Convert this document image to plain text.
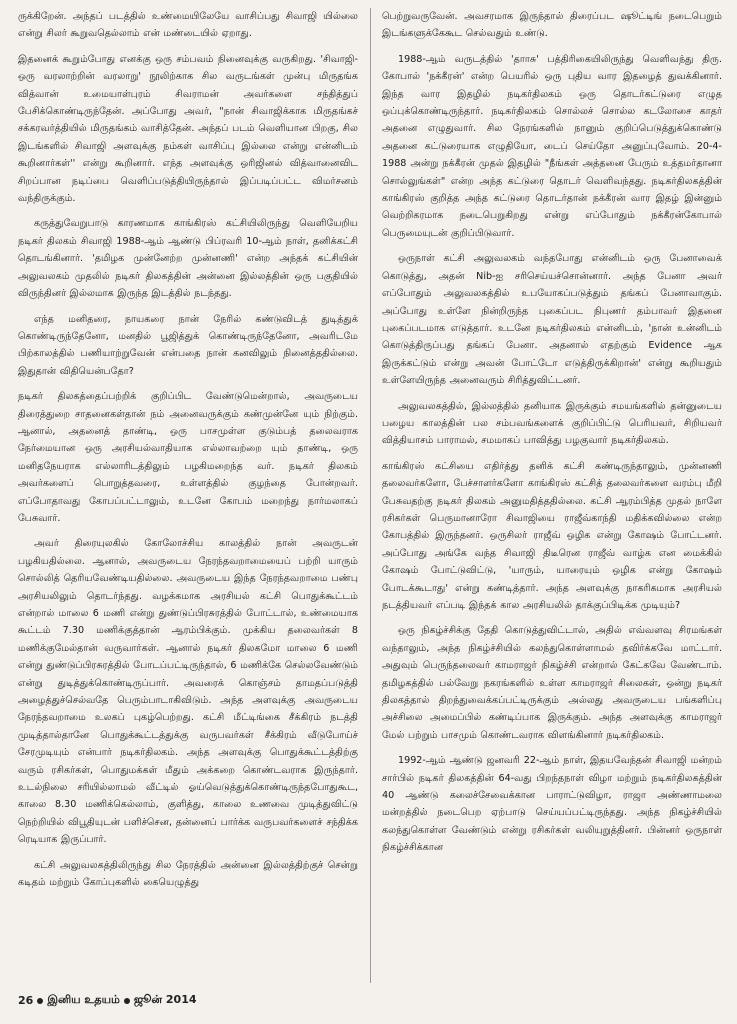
ருக்கிறேன். அந்தப் படத்தில் உண்மையிலேயே வாசிப்பது சிவாஜி யில்லை என்று சிலர் கூறுவதெல்லாம் என் மண்டையில் ஏறாது.

இதனைக் கூறும்போது எனக்கு ஒரு சம்பவம் நினைவுக்கு வருகிறது. 'சிவாஜி- ஒரு வரலாற்றின் வரலாறு' நூலிற்காக சில வருடங்கள் முன்பு மிருதங்க வித்வான் உமையாள்புரம் சிவராமன் அவர்களை சந்தித்துப் பேசிக்கொண்டிருந்தேன். அப்போது அவர், "நான் சிவாஜிக்காக மிருதங்கச் சக்கரவர்த்தியில் மிருதங்கம் வாசித்தேன். அந்தப் படம் வெளியான பிறகு, சில இடங்களில் சிவாஜி அளவுக்கு நம்கள் வாசிப்பு இல்லை என்று என்னிடம் கூறினார்கள்'' என்று கூறினார். எந்த அளவுக்கு ஒரிஜினல் வித்வானைவிட சிறப்பான நடிப்பை வெளிப்படுத்தியிருந்தால் இப்படிப்பட்ட விமர்சனம் வந்திருக்கும்.

கருத்துவேறுபாடு காரணமாக காங்கிரஸ் கட்சியிலிருந்து வெளியேறிய நடிகர் திலகம் சிவாஜி 1988-ஆம் ஆண்டு பிப்ரவரி 10-ஆம் நாள், தனிக்கட்சி தொடங்கினார். 'தமிழக முன்னேற்ற முன்னணி' என்ற அந்தக் கட்சியின் அலுவலகம் முதலில் நடிகர் திலகத்தின் அன்னை இல்லத்தின் ஒரு பகுதியில் விருந்தினர் இல்லமாக இருந்த இடத்தில் நடந்தது.

எந்த மனிதரை, நாயகரை நான் நேரில் கண்டுவிடத் துடித்துக் கொண்டிருந்தேனோ, மனதில் பூஜித்துக் கொண்டிருந்தேனோ, அவரிடமே பிற்காலத்தில் பணியாற்றுவேன் என்பதை நான் கனவிலும் நினைத்ததில்லை. இதுதான் விதியென்பதோ?

நடிகர் திலகத்தைப்பற்றிக் குறிப்பிட வேண்டுமென்றால், அவருடைய திரைத்துறை சாதனைகள்தான் நம் அனைவருக்கும் கண்முன்னே யும் நிற்கும். ஆனால், அதனைத் தாண்டி, ஒரு பாசமுள்ள குடும்பத் தலைவராக நேர்மையான ஒரு அரசியல்வாதியாக எல்லாவற்றை யும் தாண்டி, ஒரு மனிதநேயராக எல்லாரிடத்திலும் பழகிமறைந்த வர். நடிகர் திலகம் அவர்களைப் பொறுத்தவரை, உள்ளத்தில் குழந்தை போன்றவர். எப்போதாவது கோபப்பட்டாலும், உடனே கோபம் மறைந்து நார்மலாகப் பேசுவார்.

அவர் திரையுலகில் கோலோச்சிய காலத்தில் நான் அவருடன் பழகியதில்லை. ஆனால், அவருடைய நேரந்தவறாமையைப் பற்றி யாரும் சொல்லித் தெரியவேண்டியதில்லை. அவருடைய இந்த நேரந்தவறாமை பண்பு அரசியலிலும் தொடர்ந்தது. வழக்கமாக அரசியல் கட்சி பொதுக்கூட்டம் என்றால் மாலை 6 மணி என்று துண்டுப்பிரசுரத்தில் போட்டால், உண்மையாக கூட்டம் 7.30 மணிக்குத்தான் ஆரம்பிக்கும். முக்கிய தலைவர்கள் 8 மணிக்குமேல்தான் வருவார்கள். ஆனால் நடிகர் திலகமோ மாலை 6 மணி என்று துண்டுப்பிரசுரத்தில் போடப்பட்டிருந்தால், 6 மணிக்கே செல்லவேண்டும் என்று துடித்துக்கொண்டிருப்பார். அவரைக் கொஞ்சம் தாமதப்படுத்தி அழைத்துச்செல்வதே பெரும்பாடாகிவிடும். அந்த அளவுக்கு அவருடைய நேரந்தவறாமை உலகப் புகழ்பெற்றது. கட்சி மீட்டிங்கை சீக்கிரம் நடத்தி முடித்தால்தானே பொதுக்கூட்டத்துக்கு வருபவர்கள் சீக்கிரம் வீடுபோய்ச் சேரமுடியும் என்பார் நடிகர்திலகம். அந்த அளவுக்கு பொதுக்கூட்டத்திற்கு வரும் ரசிகர்கள், பொதுமக்கள் மீதும் அக்கறை கொண்டவராக இருந்தார். உடல்நிலை சரியில்லாமல் வீட்டில் ஓய்வெடுத்துக்கொண்டிருந்தபோதுகூட, காலை 8.30 மணிக்கெல்லாம், குளித்து, காலை உணவை முடித்துவிட்டு நெற்றியில் விபூதியுடன் பளிச்சென, தன்னைப் பார்க்க வருபவர்களைச் சந்திக்க ரெடியாக இருப்பார்.

கட்சி அலுவலகத்திலிருந்து சில நேரத்தில் அன்னை இல்லத்திற்குச் சென்று கடிதம் மற்றும் கோப்புகளில் கையெழுத்து

பெற்றுவருவேன். அவசரமாக இருந்தால் திரைப்பட ஷூட்டிங் நடைபெறும் இடங்களுக்கேகூட செல்வதும் உண்டு.

1988-ஆம் வருடத்தில் 'தாாசு' பத்திரிகையிலிருந்து வெளிவந்து திரு. கோபால் 'நக்கீரன்' என்ற பெயரில் ஒரு புதிய வார இதழைத் துவக்கினார். இந்த வார இதழில் நடிகர்திலகம் ஒரு தொடர்கட்டுரை எழுத ஒப்புக்கொண்டிருந்தார். நடிகர்திலகம் சொல்லச் சொல்ல கடலோசை காதர் அதனை எழுதுவார். சில நேரங்களில் நானும் குறிப்பெடுத்துக்கொண்டு அதனை கட்டுரையாக எழுதியோ, டைப் செய்தோ அனுப்புவோம். 20-4-1988 அன்று நக்கீரன் முதல் இதழில் "நீங்கள் அத்தனை பேரும் உத்தமர்தானா சொல்லுங்கள்" என்ற அந்த கட்டுரை தொடர் வெளிவந்தது. நடிகர்திலகத்தின் காங்கிரஸ் குறித்த அந்த கட்டுரை தொடர்தான் நக்கீரன் வார இதழ் இன்னும் வெற்றிகரமாக நடைபெறுகிறது என்று எப்போதும் நக்கீரன்கோபால் பெருமையுடன் குறிப்பிடுவார்.

ஒருநாள் கட்சி அலுவலகம் வந்தபோது என்னிடம் ஒரு பேனாவைக் கொடுத்து, அதன் Nib-ஐ சரிசெய்யச்சொன்னார். அந்த பேனா அவர் எப்போதும் அலுவலகத்தில் உபயோகப்படுத்தும் தங்கப் பேனாவாகும். அப்போது உள்ளே நின்றிருந்த புகைப்பட நிபுணர் தம்பாவர் இதனை புகைப்படமாக எடுத்தார். உடனே நடிகர்திலகம் என்னிடம், 'நான் உன்னிடம் கொடுத்திருப்பது தங்கப் பேனா. அதனால் எதற்கும் Evidence ஆக இருக்கட்டும் என்று அவன் போட்டோ எடுத்திருக்கிறான்' என்று கூறியதும் உள்ளேயிருந்த அனைவரும் சிரித்துவிட்டனர்.

அலுவலகத்தில், இல்லத்தில் தனியாக இருக்கும் சமயங்களில் தன்னுடைய பழைய காலத்தின் பல சம்பவங்களைக் குறிப்பிட்டு பெரியவர், சிறியவர் வித்தியாசம் பாராமல், சமமாகப் பாவித்து பழகுவார் நடிகர்திலகம்.

காங்கிரஸ் கட்சியை எதிர்த்து தனிக் கட்சி கண்டிருந்தாலும், முன்னணி தலைவர்களோ, பேச்சாளர்களோ காங்கிரஸ் கட்சித் தலைவர்களை வரம்பு மீறி பேசுவதற்கு நடிகர் திலகம் அனுமதித்ததில்லை. கட்சி ஆரம்பித்த முதல் நாளே ரசிகர்கள் பெருமானாரோ சிவாஜியை ராஜீவ்காந்தி மதிக்கவில்லை என்ற கோபத்தில் இருந்தனர். ஒருசிலர் ராஜீவ் ஒழிக என்று கோஷம் போட்டனர். அப்போது அங்கே வந்த சிவாஜி திடீரென ராஜீவ் வாழ்க என மைக்கில் கோஷம் போட்டுவிட்டு, 'யாரும், யாரையும் ஒழிக என்று கோஷம் போடக்கூடாது' என்று கண்டித்தார். அந்த அளவுக்கு நாகரிகமாக அரசியல் நடத்தியவர் எப்படி இந்தக் கால அரசியலில் தாக்குப்பிடிக்க முடியும்?

ஒரு நிகழ்ச்சிக்கு தேதி கொடுத்துவிட்டால், அதில் எவ்வளவு சிரமங்கள் வந்தாலும், அந்த நிகழ்ச்சியில் கலந்துகொள்ளாமல் தவிர்க்கவே மாட்டார். அதுவும் பெருந்தலைவர் காமராஜர் நிகழ்ச்சி என்றால் கேட்கவே வேண்டாம். தமிழகத்தில் பல்வேறு நகரங்களில் உள்ள காமராஜர் சிலைகள், ஒன்று நடிகர் திலகத்தால் திறந்துவைக்கப்பட்டிருக்கும் அல்லது அவருடைய பங்களிப்பு அச்சிலை அமைப்பில் கண்டிப்பாக இருக்கும். அந்த அளவுக்கு காமராஜர் மேல் பற்றும் பாசமும் கொண்டவராக விளங்கினார் நடிகர்திலகம்.

1992-ஆம் ஆண்டு ஜனவரி 22-ஆம் நாள், இதயவேந்தன் சிவாஜி மன்றம் சார்பில் நடிகர் திலகத்தின் 64-வது பிறந்தநாள் விழா மற்றும் நடிகர்திலகத்தின் 40 ஆண்டு கலைச்சேவைக்கான பாராட்டுவிழா, ராஜா அண்ணாமலை மன்றத்தில் நடைபெற ஏற்பாடு செய்யப்பட்டிருந்தது. அந்த நிகழ்ச்சியில் கலந்துகொள்ள வேண்டும் என்று ரசிகர்கள் வலியுறுத்தினர். பின்னர் ஒருநாள் நிகழ்ச்சிக்கான

26 இனிய உதயம் ஜூன் 2014
